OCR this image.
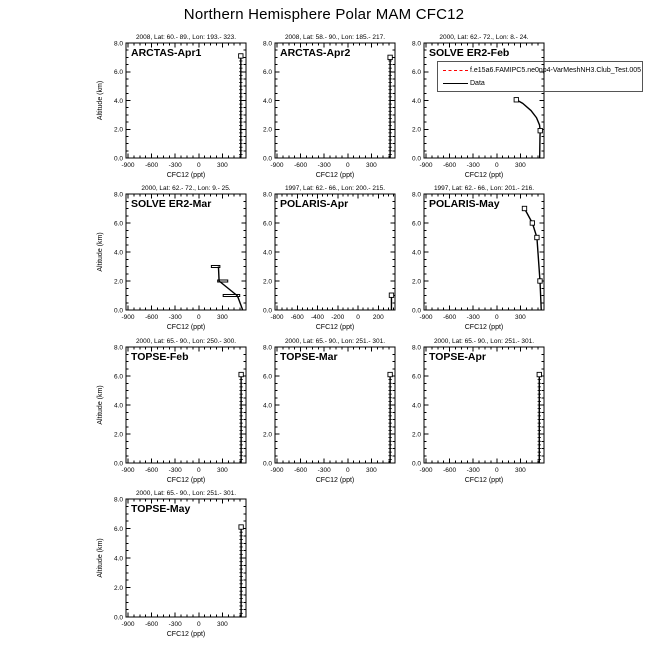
Northern Hemisphere Polar MAM CFC12
2008, Lat: 60.- 89., Lon: 193.- 323.
-900 -600 -300 0	300
0.0
2.0
4.0
6.0
8.0
CFC12 (ppt)
Altitude (km)
ARCTAS-Apr1
2008, Lat: 58.- 90., Lon: 185.- 217.
-900 -600 -300 0	300
0.0
2.0
4.0
6.0
8.0
CFC12 (ppt)
ARCTAS-Apr2
2000, Lat: 62.- 72., Lon: 8.- 24.
-900 -600 -300 0	300
0.0
2.0
4.0
6.0
8.0
CFC12 (ppt)
SOLVE ER2-Feb
2000, Lat: 62.- 72., Lon: 9.- 25.
-900 -600 -300 0	300
0.0
2.0
4.0
6.0
8.0
CFC12 (ppt)
Altitude (km)
SOLVE ER2-Mar
1997, Lat: 62.- 66., Lon: 200.- 215.
-800 -600 -400 -200 0 200
0.0
2.0
4.0
6.0
8.0
CFC12 (ppt)
POLARIS-Apr
1997, Lat: 62.- 66., Lon: 201.- 216.
-900 -600 -300 0	300
0.0
2.0
4.0
6.0
8.0
CFC12 (ppt)
POLARIS-May
2000, Lat: 65.- 90., Lon: 250.- 300.
-900 -600 -300 0	300
0.0
2.0
4.0
6.0
8.0
CFC12 (ppt)
Altitude (km)
TOPSE-Feb
2000, Lat: 65.- 90., Lon: 251.- 301.
-900 -600 -300 0	300
0.0
2.0
4.0
6.0
8.0
CFC12 (ppt)
TOPSE-Mar
2000, Lat: 65.- 90., Lon: 251.- 301.
-900 -600 -300 0	300
0.0
2.0
4.0
6.0
8.0
CFC12 (ppt)
TOPSE-Apr
2000, Lat: 65.- 90., Lon: 251.- 301.
-900 -600 -300 0	300
0.0
2.0
4.0
6.0
8.0
CFC12 (ppt)
Altitude (km)
TOPSE-May
f.e15a6.FAMIPC5.ne0np4-VarMeshNH3.Club_Test.005
Data
